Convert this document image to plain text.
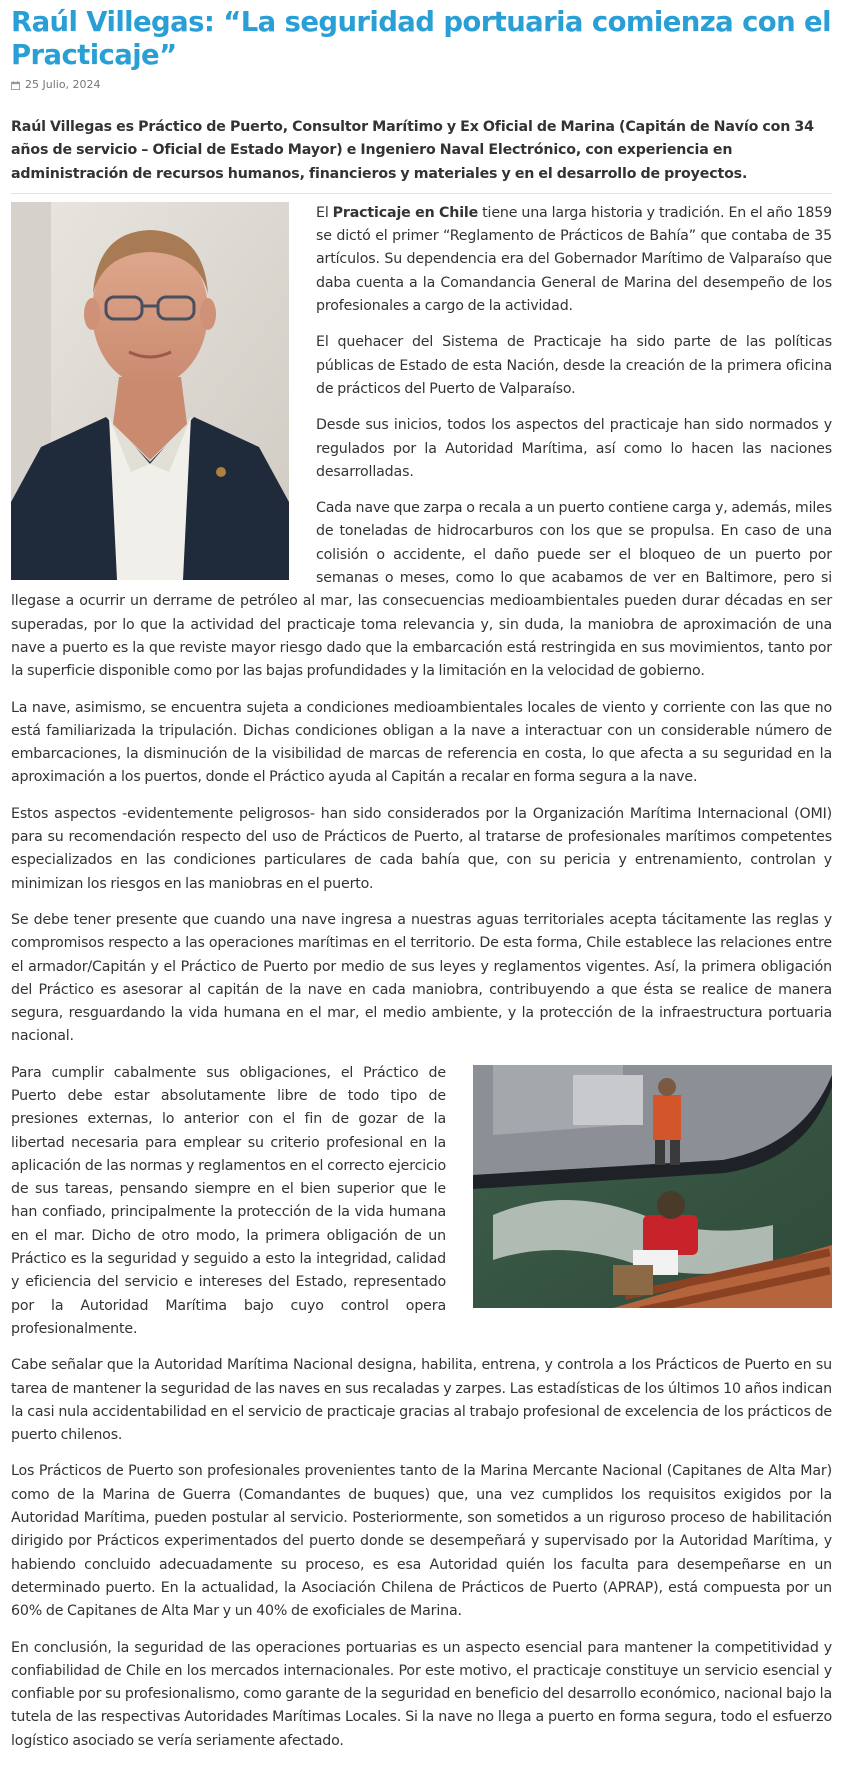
Raúl Villegas: “La seguridad portuaria comienza con el Practicaje”
25 Julio, 2024
Raúl Villegas es Práctico de Puerto, Consultor Marítimo y Ex Oficial de Marina (Capitán de Navío con 34 años de servicio – Oficial de Estado Mayor) e Ingeniero Naval Electrónico, con experiencia en administración de recursos humanos, financieros y materiales y en el desarrollo de proyectos.

El Practicaje en Chile tiene una larga historia y tradición. En el año 1859 se dictó el primer “Reglamento de Prácticos de Bahía” que contaba de 35 artículos. Su dependencia era del Gobernador Marítimo de Valparaíso que daba cuenta a la Comandancia General de Marina del desempeño de los profesionales a cargo de la actividad.

El quehacer del Sistema de Practicaje ha sido parte de las políticas públicas de Estado de esta Nación, desde la creación de la primera oficina de prácticos del Puerto de Valparaíso.

Desde sus inicios, todos los aspectos del practicaje han sido normados y regulados por la Autoridad Marítima, así como lo hacen las naciones desarrolladas.

Cada nave que zarpa o recala a un puerto contiene carga y, además, miles de toneladas de hidrocarburos con los que se propulsa. En caso de una colisión o accidente, el daño puede ser el bloqueo de un puerto por semanas o meses, como lo que acabamos de ver en Baltimore, pero si llegase a ocurrir un derrame de petróleo al mar, las consecuencias medioambientales pueden durar décadas en ser superadas, por lo que la actividad del practicaje toma relevancia y, sin duda, la maniobra de aproximación de una nave a puerto es la que reviste mayor riesgo dado que la embarcación está restringida en sus movimientos, tanto por la superficie disponible como por las bajas profundidades y la limitación en la velocidad de gobierno.

La nave, asimismo, se encuentra sujeta a condiciones medioambientales locales de viento y corriente con las que no está familiarizada la tripulación. Dichas condiciones obligan a la nave a interactuar con un considerable número de embarcaciones, la disminución de la visibilidad de marcas de referencia en costa, lo que afecta a su seguridad en la aproximación a los puertos, donde el Práctico ayuda al Capitán a recalar en forma segura a la nave.

Estos aspectos -evidentemente peligrosos- han sido considerados por la Organización Marítima Internacional (OMI) para su recomendación respecto del uso de Prácticos de Puerto, al tratarse de profesionales marítimos competentes especializados en las condiciones particulares de cada bahía que, con su pericia y entrenamiento, controlan y minimizan los riesgos en las maniobras en el puerto.

Se debe tener presente que cuando una nave ingresa a nuestras aguas territoriales acepta tácitamente las reglas y compromisos respecto a las operaciones marítimas en el territorio. De esta forma, Chile establece las relaciones entre el armador/Capitán y el Práctico de Puerto por medio de sus leyes y reglamentos vigentes. Así, la primera obligación del Práctico es asesorar al capitán de la nave en cada maniobra, contribuyendo a que ésta se realice de manera segura, resguardando la vida humana en el mar, el medio ambiente, y la protección de la infraestructura portuaria nacional.

Para cumplir cabalmente sus obligaciones, el Práctico de Puerto debe estar absolutamente libre de todo tipo de presiones externas, lo anterior con el fin de gozar de la libertad necesaria para emplear su criterio profesional en la aplicación de las normas y reglamentos en el correcto ejercicio de sus tareas, pensando siempre en el bien superior que le han confiado, principalmente la protección de la vida humana en el mar. Dicho de otro modo, la primera obligación de un Práctico es la seguridad y seguido a esto la integridad, calidad y eficiencia del servicio e intereses del Estado, representado por la Autoridad Marítima bajo cuyo control opera profesionalmente.

Cabe señalar que la Autoridad Marítima Nacional designa, habilita, entrena, y controla a los Prácticos de Puerto en su tarea de mantener la seguridad de las naves en sus recaladas y zarpes. Las estadísticas de los últimos 10 años indican la casi nula accidentabilidad en el servicio de practicaje gracias al trabajo profesional de excelencia de los prácticos de puerto chilenos.

Los Prácticos de Puerto son profesionales provenientes tanto de la Marina Mercante Nacional (Capitanes de Alta Mar) como de la Marina de Guerra (Comandantes de buques) que, una vez cumplidos los requisitos exigidos por la Autoridad Marítima, pueden postular al servicio. Posteriormente, son sometidos a un riguroso proceso de habilitación dirigido por Prácticos experimentados del puerto donde se desempeñará y supervisado por la Autoridad Marítima, y habiendo concluido adecuadamente su proceso, es esa Autoridad quién los faculta para desempeñarse en un determinado puerto. En la actualidad, la Asociación Chilena de Prácticos de Puerto (APRAP), está compuesta por un 60% de Capitanes de Alta Mar y un 40% de exoficiales de Marina.

En conclusión, la seguridad de las operaciones portuarias es un aspecto esencial para mantener la competitividad y confiabilidad de Chile en los mercados internacionales. Por este motivo, el practicaje constituye un servicio esencial y confiable por su profesionalismo, como garante de la seguridad en beneficio del desarrollo económico, nacional bajo la tutela de las respectivas Autoridades Marítimas Locales. Si la nave no llega a puerto en forma segura, todo el esfuerzo logístico asociado se vería seriamente afectado.
